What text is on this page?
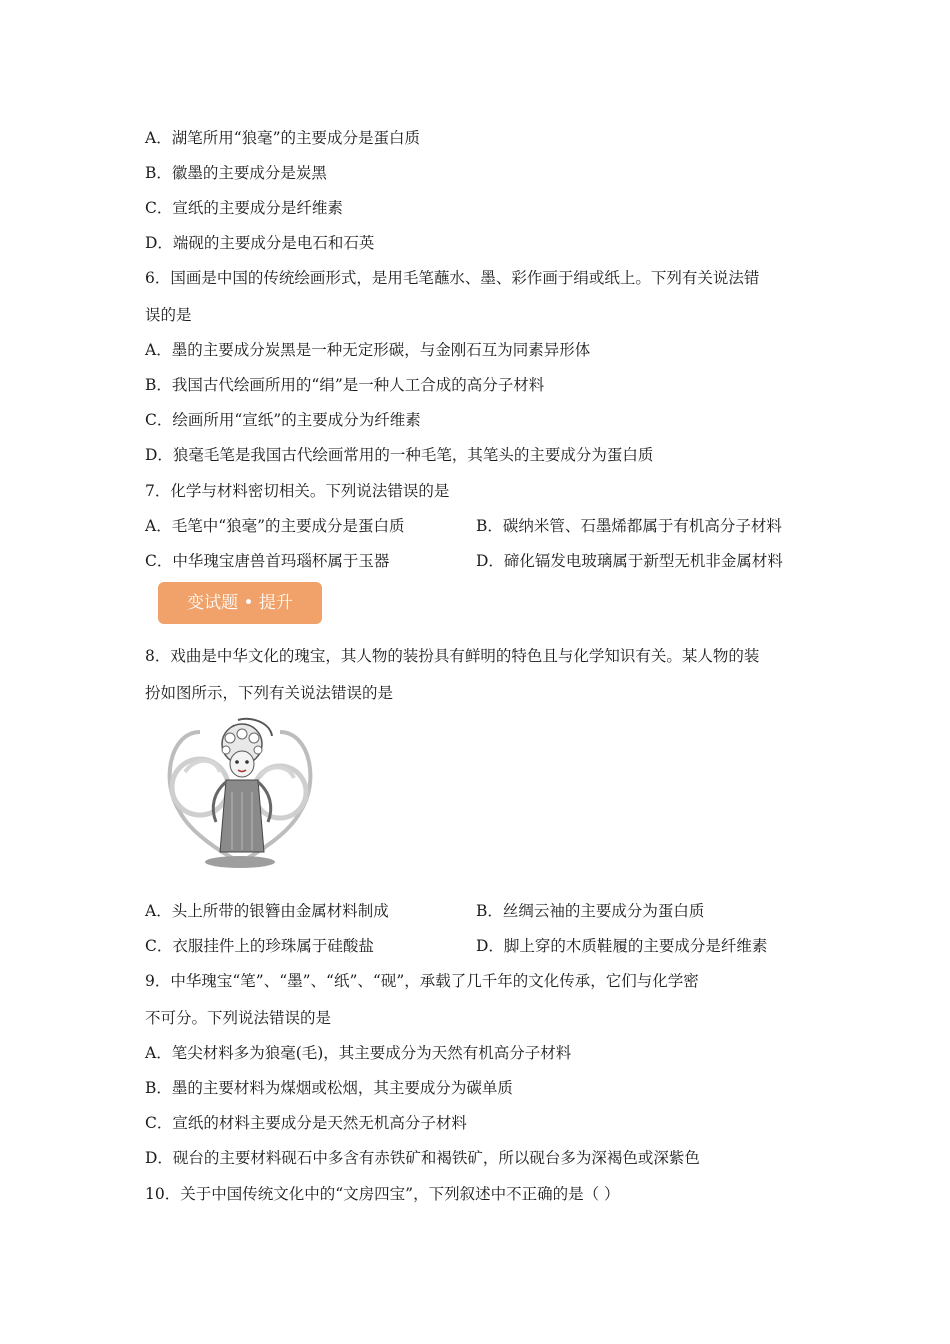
A．湖笔所用“狼毫”的主要成分是蛋白质
B．徽墨的主要成分是炭黑
C．宣纸的主要成分是纤维素
D．端砚的主要成分是电石和石英
6．国画是中国的传统绘画形式，是用毛笔蘸水、墨、彩作画于绢或纸上。下列有关说法错
误的是
A．墨的主要成分炭黑是一种无定形碳，与金刚石互为同素异形体
B．我国古代绘画所用的“绢”是一种人工合成的高分子材料
C．绘画所用“宣纸”的主要成分为纤维素
D．狼毫毛笔是我国古代绘画常用的一种毛笔，其笔头的主要成分为蛋白质
7．化学与材料密切相关。下列说法错误的是
A．毛笔中“狼毫”的主要成分是蛋白质	B．碳纳米管、石墨烯都属于有机高分子材料
C．中华瑰宝唐兽首玛瑙杯属于玉器	D．碲化镉发电玻璃属于新型无机非金属材料
变试题 • 提升
8．戏曲是中华文化的瑰宝，其人物的装扮具有鲜明的特色且与化学知识有关。某人物的装
扮如图所示，下列有关说法错误的是
A．头上所带的银簪由金属材料制成	B．丝绸云袖的主要成分为蛋白质
C．衣服挂件上的珍珠属于硅酸盐	D．脚上穿的木质鞋履的主要成分是纤维素
9．中华瑰宝“笔”、“墨”、“纸”、“砚”，承载了几千年的文化传承，它们与化学密
不可分。下列说法错误的是
A．笔尖材料多为狼毫(毛)，其主要成分为天然有机高分子材料
B．墨的主要材料为煤烟或松烟，其主要成分为碳单质
C．宣纸的材料主要成分是天然无机高分子材料
D．砚台的主要材料砚石中多含有赤铁矿和褐铁矿，所以砚台多为深褐色或深紫色
10．关于中国传统文化中的“文房四宝”，下列叙述中不正确的是（ ）
